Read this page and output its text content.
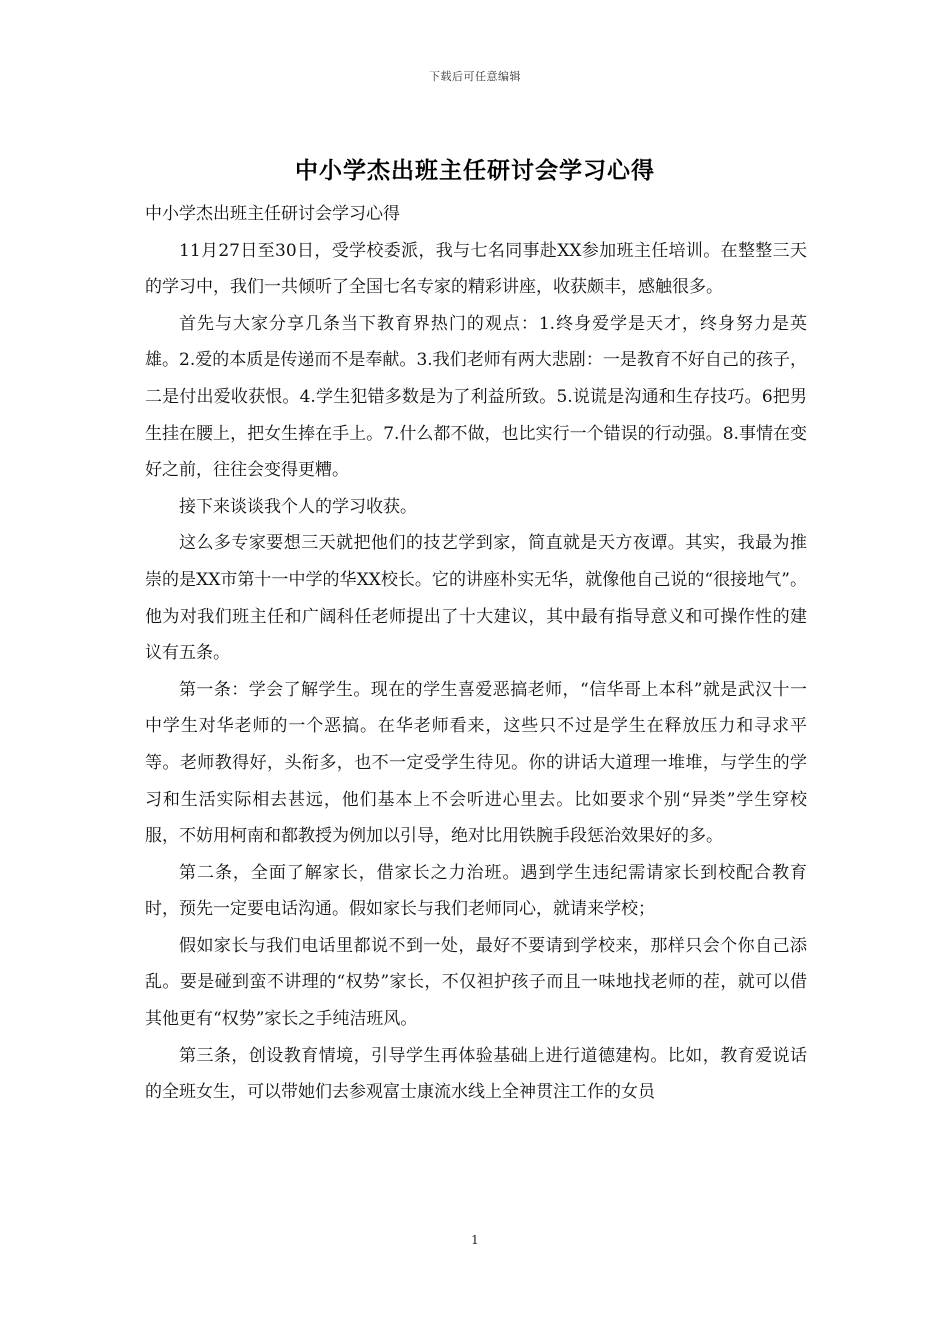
下载后可任意编辑
中小学杰出班主任研讨会学习心得

中小学杰出班主任研讨会学习心得

11月27日至30日，受学校委派，我与七名同事赴XX参加班主任培训。在整整三天的学习中，我们一共倾听了全国七名专家的精彩讲座，收获颇丰，感触很多。

首先与大家分享几条当下教育界热门的观点：1.终身爱学是天才，终身努力是英雄。2.爱的本质是传递而不是奉献。3.我们老师有两大悲剧：一是教育不好自己的孩子，二是付出爱收获恨。4.学生犯错多数是为了利益所致。5.说谎是沟通和生存技巧。6把男生挂在腰上，把女生捧在手上。7.什么都不做，也比实行一个错误的行动强。8.事情在变好之前，往往会变得更糟。

接下来谈谈我个人的学习收获。

这么多专家要想三天就把他们的技艺学到家，简直就是天方夜谭。其实，我最为推崇的是XX市第十一中学的华XX校长。它的讲座朴实无华，就像他自己说的“很接地气”。他为对我们班主任和广阔科任老师提出了十大建议，其中最有指导意义和可操作性的建议有五条。

第一条：学会了解学生。现在的学生喜爱恶搞老师，“信华哥上本科”就是武汉十一中学生对华老师的一个恶搞。在华老师看来，这些只不过是学生在释放压力和寻求平等。老师教得好，头衔多，也不一定受学生待见。你的讲话大道理一堆堆，与学生的学习和生活实际相去甚远，他们基本上不会听进心里去。比如要求个别“异类”学生穿校服，不妨用柯南和都教授为例加以引导，绝对比用铁腕手段惩治效果好的多。

第二条，全面了解家长，借家长之力治班。遇到学生违纪需请家长到校配合教育时，预先一定要电话沟通。假如家长与我们老师同心，就请来学校；

假如家长与我们电话里都说不到一处，最好不要请到学校来，那样只会个你自己添乱。要是碰到蛮不讲理的“权势”家长，不仅袒护孩子而且一味地找老师的茬，就可以借其他更有“权势”家长之手纯洁班风。

第三条，创设教育情境，引导学生再体验基础上进行道德建构。比如，教育爱说话的全班女生，可以带她们去参观富士康流水线上全神贯注工作的女员

1
